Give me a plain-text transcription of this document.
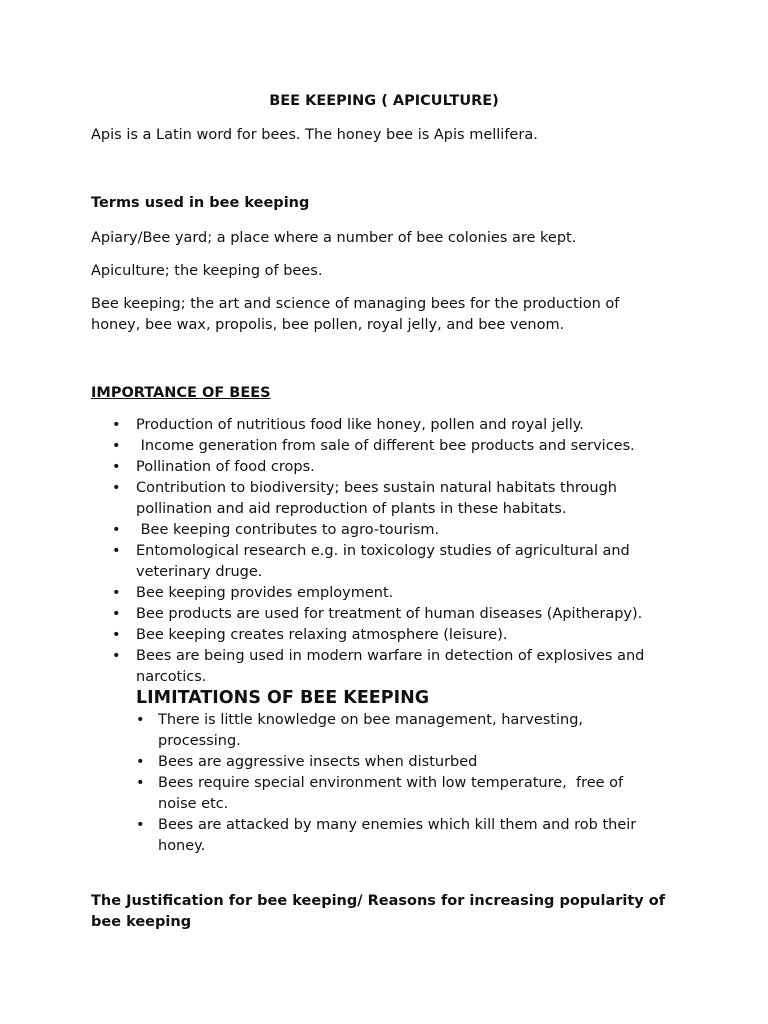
BEE KEEPING ( APICULTURE)

Apis is a Latin word for bees. The honey bee is Apis mellifera.

Terms used in bee keeping

Apiary/Bee yard; a place where a number of bee colonies are kept.

Apiculture; the keeping of bees.

Bee keeping; the art and science of managing bees for the production of honey, bee wax, propolis, bee pollen, royal jelly, and bee venom.

IMPORTANCE OF BEES

• Production of nutritious food like honey, pollen and royal jelly.
• Income generation from sale of different bee products and services.
• Pollination of food crops.
• Contribution to biodiversity; bees sustain natural habitats through pollination and aid reproduction of plants in these habitats.
• Bee keeping contributes to agro-tourism.
• Entomological research e.g. in toxicology studies of agricultural and veterinary druge.
• Bee keeping provides employment.
• Bee products are used for treatment of human diseases (Apitherapy).
• Bee keeping creates relaxing atmosphere (leisure).
• Bees are being used in modern warfare in detection of explosives and narcotics.

LIMITATIONS OF BEE KEEPING

• There is little knowledge on bee management, harvesting, processing.
• Bees are aggressive insects when disturbed
• Bees require special environment with low temperature,  free of noise etc.
• Bees are attacked by many enemies which kill them and rob their honey.

The Justification for bee keeping/ Reasons for increasing popularity of bee keeping
